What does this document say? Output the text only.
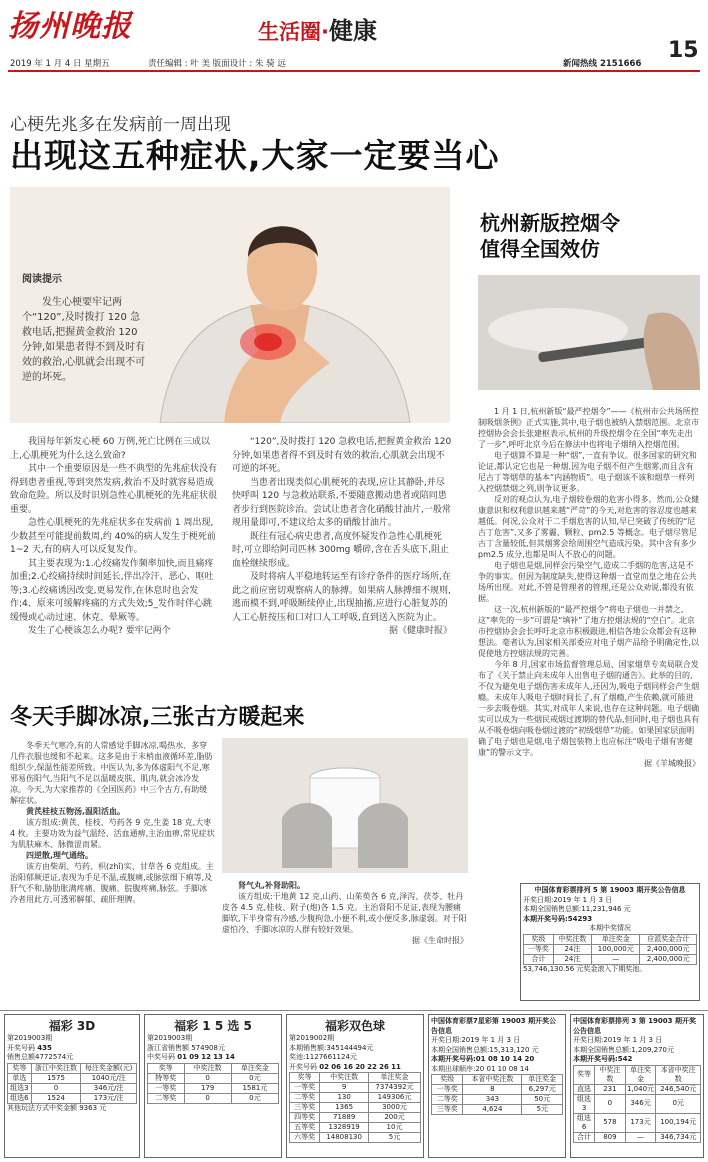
扬州晚报	生活圈·健康
15
2019 年 1 月 4 日 星期五	责任编辑 : 叶 美 版面设计 : 朱 骑 远	新闻热线 2151666
心梗先兆多在发病前一周出现
出现这五种症状,大家一定要当心
阅读提示
发生心梗要牢记两个“120”,及时拨打 120 急救电话,把握黄金救治 120 分钟,如果患者得不到及时有效的救治,心肌就会出现不可逆的坏死。

我国每年新发心梗 60 万例,死亡比例在三成以上,心肌梗死为什么这么致命?

其中一个重要原因是一些不典型的先兆症状没有得到患者重视,等到突然发病,救治不及时就容易造成致命危险。所以及时识别急性心肌梗死的先兆症状很重要。

急性心肌梗死的先兆症状多在发病前 1 周出现,少数甚至可能提前数周,约 40%的病人发生于梗死前 1~2 天,有的病人可以反复发作。

其主要表现为:1.心绞痛发作频率加快,而且痛疼加重;2.心绞痛持续时间延长,伴出冷汗、恶心、呕吐等;3.心绞痛诱因改变,更易发作,在休息时也会发作;4、原来可缓解疼痛的方式失效;5_发作时伴心跳缓慢或心动过速、休克、晕厥等。

发生了心梗该怎么办呢? 要牢记两个

“120”,及时拨打 120 急救电话,把握黄金救治 120 分钟,如果患者得不到及时有效的救治,心肌就会出现不可逆的坏死。

当患者出现类似心肌梗死的表现,应让其静卧,并尽快呼叫 120 与急救站联系,不要随意搬动患者或陪同患者步行到医院诊治。尝试让患者含化硝酸甘油片,一般常规用量即可,不建议给太多的硝酸甘油片。

既往有冠心病史患者,高度怀疑发作急性心肌梗死时,可立即给阿司匹林 300mg 嚼碎,含在舌头底下,阻止血栓继续形成。

及时将病人平稳地转运至有诊疗条件的医疗场所,在此之前应密切观察病人的脉搏。如果病人脉搏细不规则,逃而模不到,呼吸断续停止,出现抽搐,应进行心脏复苏的人工心脏按压和口对口人工呼吸,直到送入医院为止。

据《健康时报》
杭州新版控烟令
值得全国效仿

1 月 1 日,杭州新版“最严控烟令”——《杭州市公共场所控制吸烟条例》正式实施,其中,电子烟也被纳入禁烟范围。北京市控烟协会会长张建枢表示,杭州的升级控烟令在全国“率先走出了一步”,呼吁北京今后在修法中也将电子烟纳入控烟范围。

电子烟算不算是一种“烟”,一直有争议。很多国家的研究和论证,都认定它也是一种烟,因为电子烟不但产生烟雾,而且含有尼古丁等烟草的基本“内涵物质”。电子烟该不该和烟草一样列入控烟禁烟之列,则争议更多。

反对的观点认为,电子烟较卷烟的危害小得多。然而,公众健康意识和权利意识越来越“严苛”的今天,对危害的容忍度也越来越低。何况,公众对于二手烟危害的认知,早已突破了传统的“尼古丁危害”,又多了雾霾、颗粒、pm2.5 等概念。电子烟尽管尼古丁含量较低,但其烟雾会给周围空气造成污染。其中含有多少 pm2.5 成分,也都是叫人不放心的问题。

电子烟也是烟,同样会污染空气,造成二手烟的危害,这是不争的事实。但因为制度缺失,使得这种烟一直堂而皇之地在公共场所出现。对此,不管是管理者的管理,还是公众劝说,都没有依据。

这一次,杭州新版的“最严控烟令”将电子烟也一并禁之,这“率先的一步”可谓是“填补”了地方控烟法规的“空白”。北京市控烟协会会长呼吁北京市积极跟进,相信各地公众都会有这种想法。毫者认为,国家相关部委应对电子烟产品给予明确定性,以促使地方控烟法规的完善。

今年 8 月,国家市场监督管理总局、国家烟草专卖局联合发布了《关于禁止向未成年人出售电子烟的通告》。此举的目的,不仅为避免电子烟伤害未成年人,还因为,吸电子烟同样会产生烟瘾。未成年人吸电子烟时间长了,有了烟瘾,产生依赖,就可能进一步去吸卷烟。其实,对成年人来说,也存在这种问题。电子烟确实可以成为一些烟民戒烟过渡期的替代品,但同时,电子烟也具有从不吸卷烟向吸卷烟过渡的“初级烟草”功能。如果国家层面明确了电子烟也是烟,电子烟包装物上也应标注“吸电子烟有害健康”的警示文字。

据《羊城晚报》
冬天手脚冰凉,三张古方暖起来

冬季天气寒冷,有的人常感觉手脚冰凉,喝热水、多穿几件衣服也缓和不起来。这多是由于末梢血液循环差,脂肪组织少,保温性能差所致。中医认为,多为体虚阳气不足,寒邪易伤阳气,当阳气不足以温暖皮肤、肌肉,就会冰冷发凉。今天,为大家推荐的《全国医药》中三个古方,有助缓解症状。

黄芪桂枝五物汤,温阳活血。

该方组成:黄芪、桂枝、芍药各 9 克,生姜 18 克,大枣 4 枚。主要功效为益气温经、活血通痹,主治血痹,常见症状为肌肤麻木、脉微涩而紧。

四逆散,理气通络。

该方由柴胡、芍药、枳(zhǐ)实、甘草各 6 克组成。主治阳郁厥逆证,表现为手足不温,或腹痛,或脉弦细下痢等,及肝气不和,胁肋胀满疼痛、腹痛、脘腹疼痛,脉弦。手脚冰冷者用此方,可透邪解郁、疏肝理脾。

肾气丸,补肾助阳。

该方组成:干地黄 12 克,山药、山茱萸各 6 克,泽泻、茯苓、牡丹皮各 4.5 克,桂枝、附子(炮)各 1.5 克。主治肾阳不足证,表现为腰痛脚软,下半身常有冷感,少腹拘急,小便不利,或小便反多,脉虚弱。对于阳虚怕冷、手脚冰凉的人群有较好效果。

据《生命时报》
中国体育彩票排列 5 第 19003 期开奖公告信息
开奖日期:2019 年 1 月 3 日
本期全国销售总额:11,231,946 元
本期开奖号码:54293
本期中奖情况
奖级	中奖注数	单注奖金	应派奖金合计
一等奖	24注	100,000元	2,400,000元
合计	24注	—	2,400,000元
53,746,130.56 元奖金滚入下期奖池。
福彩 3D
第2019003期
开奖号码 435
销售总额4772574元
奖等	浙江中奖注数	每注奖金额(元)
单选	1575	1040元/注
组选3	0	346元/注
组选6	1524	173元/注
其他玩法方式中奖金额 9363 元
福彩 1 5 选 5
第2019003期
浙江省销售额 574908元
中奖号码 01 09 12 13 14
奖等	中奖注数	单注奖金
特等奖	0	0元
一等奖	179	1581元
二等奖	0	0元
福彩双色球
第2019002期
本期销售额:345144494元
奖池:1127661124元
开奖号码 02 06 16 20 22 26 11
奖等	中奖注数	单注奖金
一等奖	9	7374392元
二等奖	130	149306元
三等奖	1365	3000元
四等奖	71889	200元
五等奖	1328919	10元
六等奖	14808130	5元
中国体育彩票7星彩第 19003 期开奖公告信息
开奖日期:2019 年 1 月 3 日
本期全国销售总额:15,313,120 元
本期开奖号码:01 08 10 14 20
本期出球顺序:20 01 10 08 14
奖级	本省中奖注数	单注奖金
一等奖	8	6,297元
二等奖	343	50元
三等奖	4,624	5元
中国体育彩票排列 3 第 19003 期开奖公告信息
开奖日期:2019 年 1 月 3 日
本期全国销售总额:1,209,270元
本期开奖号码:542
奖等	中奖注数	单注奖金	本省中奖注数
直选	231	1,040元	246,540元
组选3	0	346元	0元
组选6	578	173元	100,194元
合计	809	—	346,734元
